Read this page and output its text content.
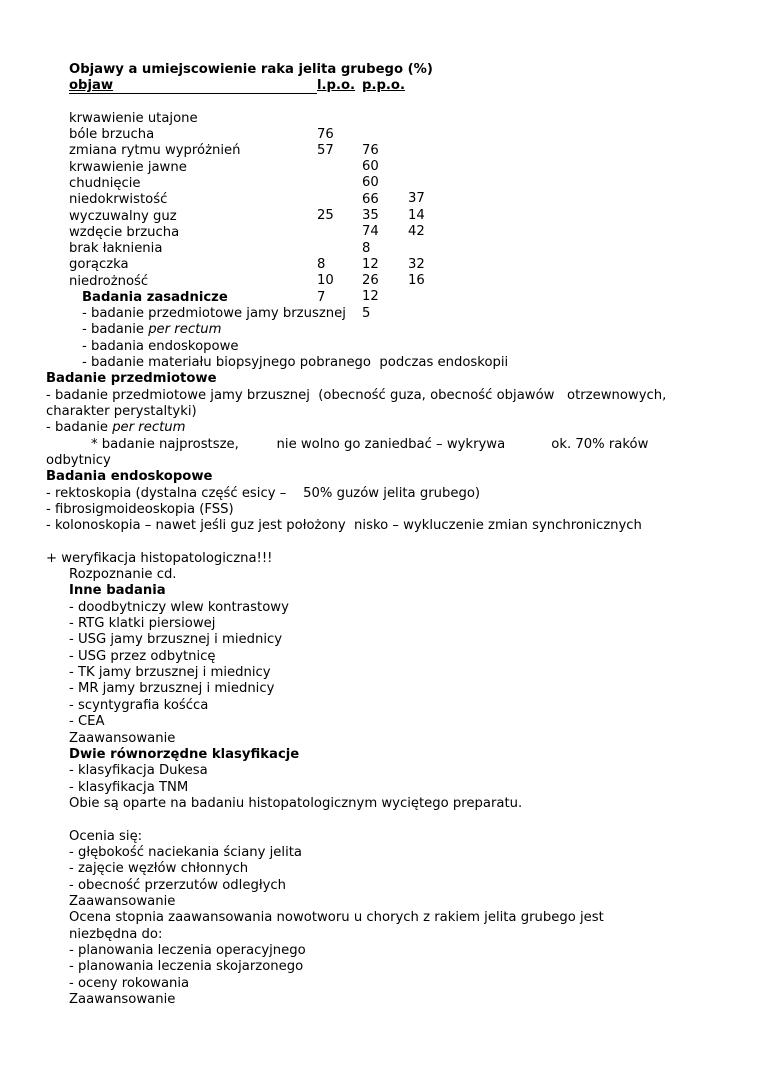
Objawy a umiejscowienie raka jelita grubego (%)
objaw	l.p.o. p.p.o.

krwawienie utajone

76

76

bóle brzucha

57

60

zmiana rytmu wypróżnień

60

37

krwawienie jawne

66

14

chudnięcie

35

42

niedokrwistość

25

74

wyczuwalny guz

8

32

wzdęcie brzucha

12

16

brak łaknienia

8

26

gorączka

10

12

niedrożność

7

5

Badania zasadnicze
- badanie przedmiotowe jamy brzusznej
- badanie per rectum
- badania endoskopowe
- badanie materiału biopsyjnego pobranego  podczas endoskopii
Badanie przedmiotowe
- badanie przedmiotowe jamy brzusznej  (obecność guza, obecność objawów   otrzewnowych,
charakter perystaltyki)
- badanie per rectum
* badanie najprostsze,         nie wolno go zaniedbać – wykrywa           ok. 70% raków
odbytnicy
Badania endoskopowe
- rektoskopia (dystalna część esicy –    50% guzów jelita grubego)
- fibrosigmoideoskopia (FSS)
- kolonoskopia – nawet jeśli guz jest położony  nisko – wykluczenie zmian synchronicznych
+ weryfikacja histopatologiczna!!!
Rozpoznanie cd.
Inne badania
- doodbytniczy wlew kontrastowy
- RTG klatki piersiowej
- USG jamy brzusznej i miednicy
- USG przez odbytnicę
- TK jamy brzusznej i miednicy
- MR jamy brzusznej i miednicy
- scyntygrafia kośćca
- CEA
Zaawansowanie
Dwie równorzędne klasyfikacje
- klasyfikacja Dukesa
- klasyfikacja TNM
Obie są oparte na badaniu histopatologicznym wyciętego preparatu.
Ocenia się:
- głębokość naciekania ściany jelita
- zajęcie węzłów chłonnych
- obecność przerzutów odległych
Zaawansowanie
Ocena stopnia zaawansowania nowotworu u chorych z rakiem jelita grubego jest
niezbędna do:
- planowania leczenia operacyjnego
- planowania leczenia skojarzonego
- oceny rokowania
Zaawansowanie
